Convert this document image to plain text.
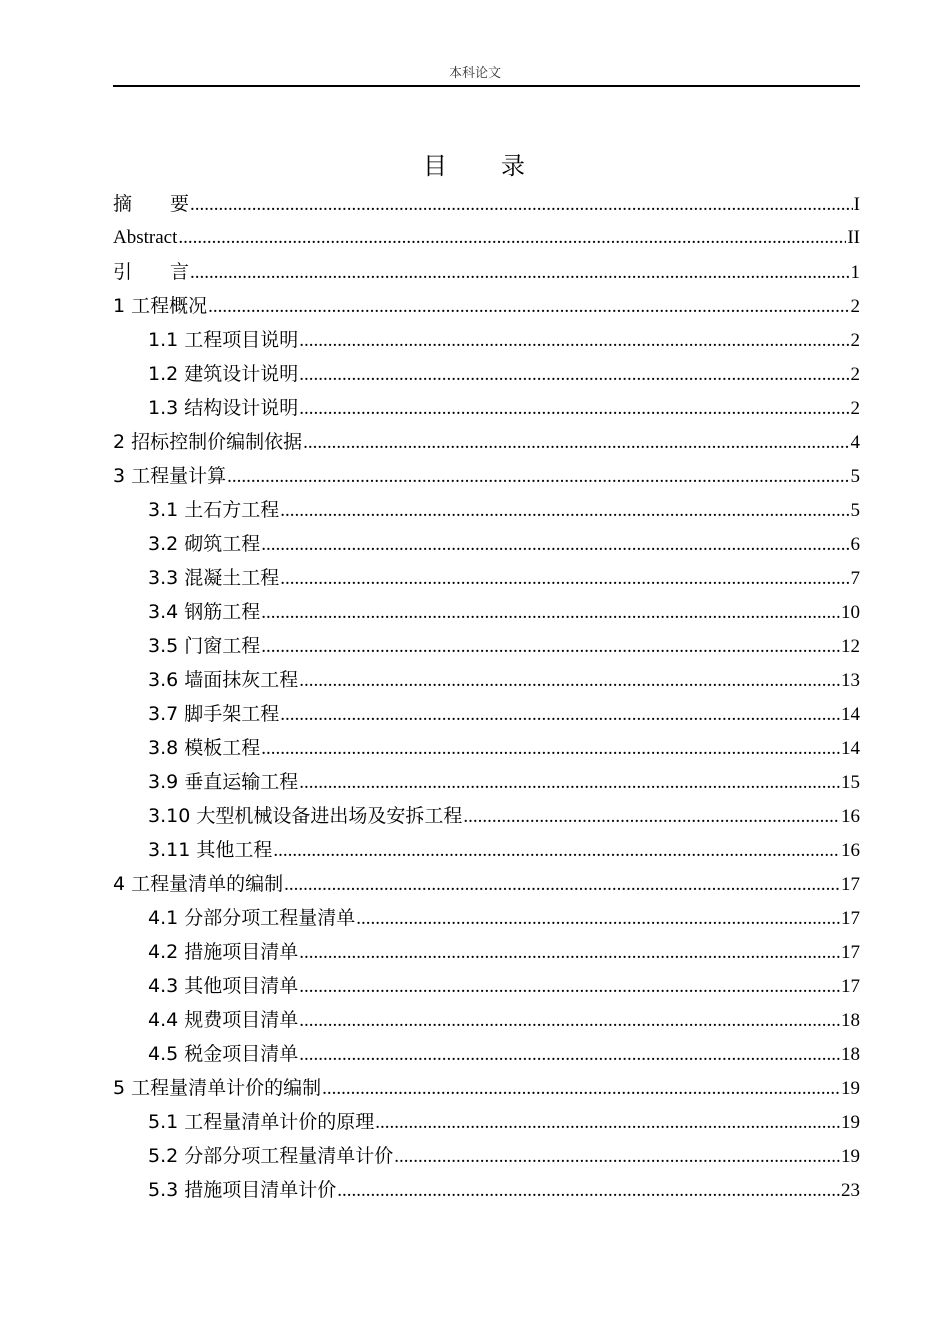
本科论文
目　　录
摘　　要 .....	I
Abstract .....	II
引　　言 .....	1
1 工程概况 .....	2
1.1 工程项目说明 .....	2
1.2 建筑设计说明 .....	2
1.3 结构设计说明 .....	2
2 招标控制价编制依据 .....	4
3 工程量计算 .....	5
3.1 土石方工程 .....	5
3.2 砌筑工程 .....	6
3.3 混凝土工程 .....	7
3.4 钢筋工程 .....	10
3.5 门窗工程 .....	12
3.6 墙面抹灰工程 .....	13
3.7 脚手架工程 .....	14
3.8 模板工程 .....	14
3.9 垂直运输工程 .....	15
3.10 大型机械设备进出场及安拆工程 .....	16
3.11 其他工程 .....	16
4 工程量清单的编制 .....	17
4.1 分部分项工程量清单 .....	17
4.2 措施项目清单 .....	17
4.3 其他项目清单 .....	17
4.4 规费项目清单 .....	18
4.5 税金项目清单 .....	18
5 工程量清单计价的编制 .....	19
5.1 工程量清单计价的原理 .....	19
5.2 分部分项工程量清单计价 .....	19
5.3 措施项目清单计价 .....	23
